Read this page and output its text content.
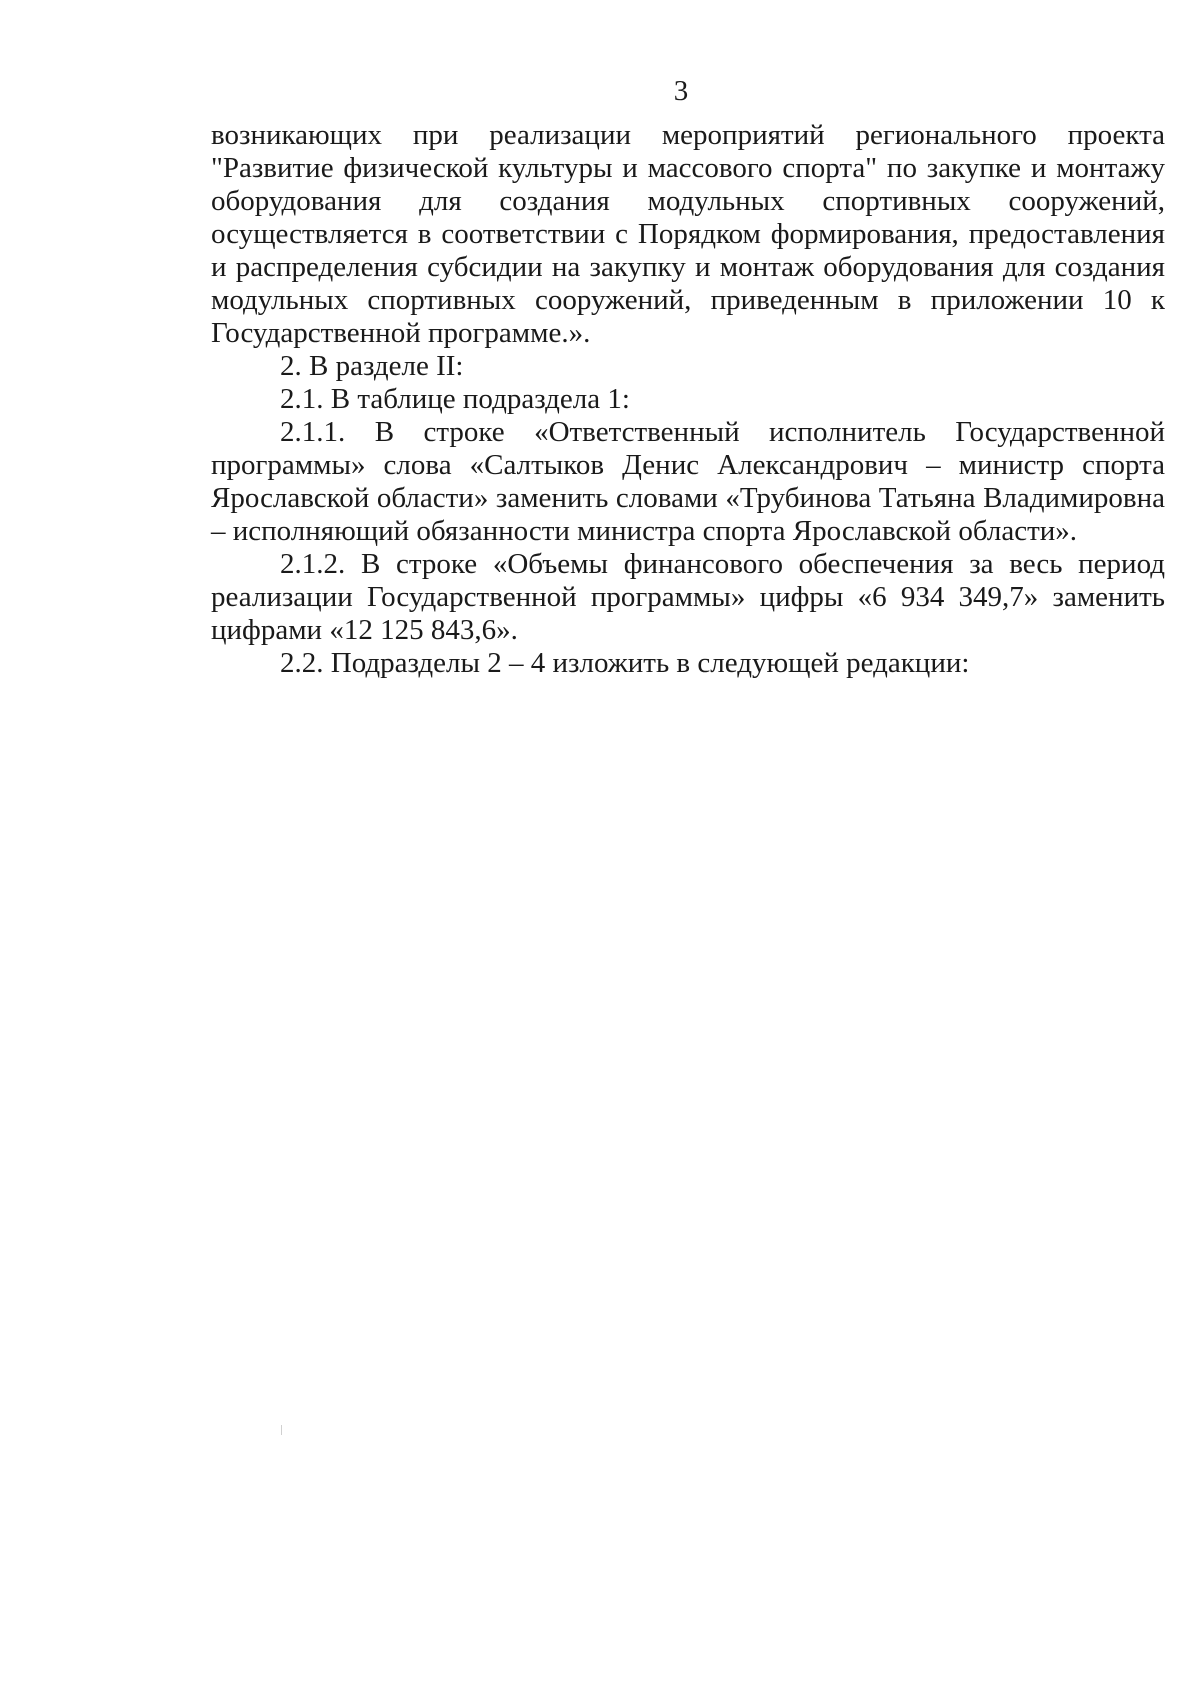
3

возникающих при реализации мероприятий регионального проекта "Развитие физической культуры и массового спорта" по закупке и монтажу оборудования для создания модульных спортивных сооружений, осуществляется в соответствии с Порядком формирования, предоставления и распределения субсидии на закупку и монтаж оборудования для создания модульных спортивных сооружений, приведенным в приложении 10 к Государственной программе.».

2. В разделе II:

2.1. В таблице подраздела 1:

2.1.1. В строке «Ответственный исполнитель Государственной программы» слова «Салтыков Денис Александрович – министр спорта Ярославской области» заменить словами «Трубинова Татьяна Владимировна – исполняющий обязанности министра спорта Ярославской области».

2.1.2. В строке «Объемы финансового обеспечения за весь период реализации Государственной программы» цифры «6 934 349,7» заменить цифрами «12 125 843,6».

2.2. Подразделы 2 – 4 изложить в следующей редакции:
